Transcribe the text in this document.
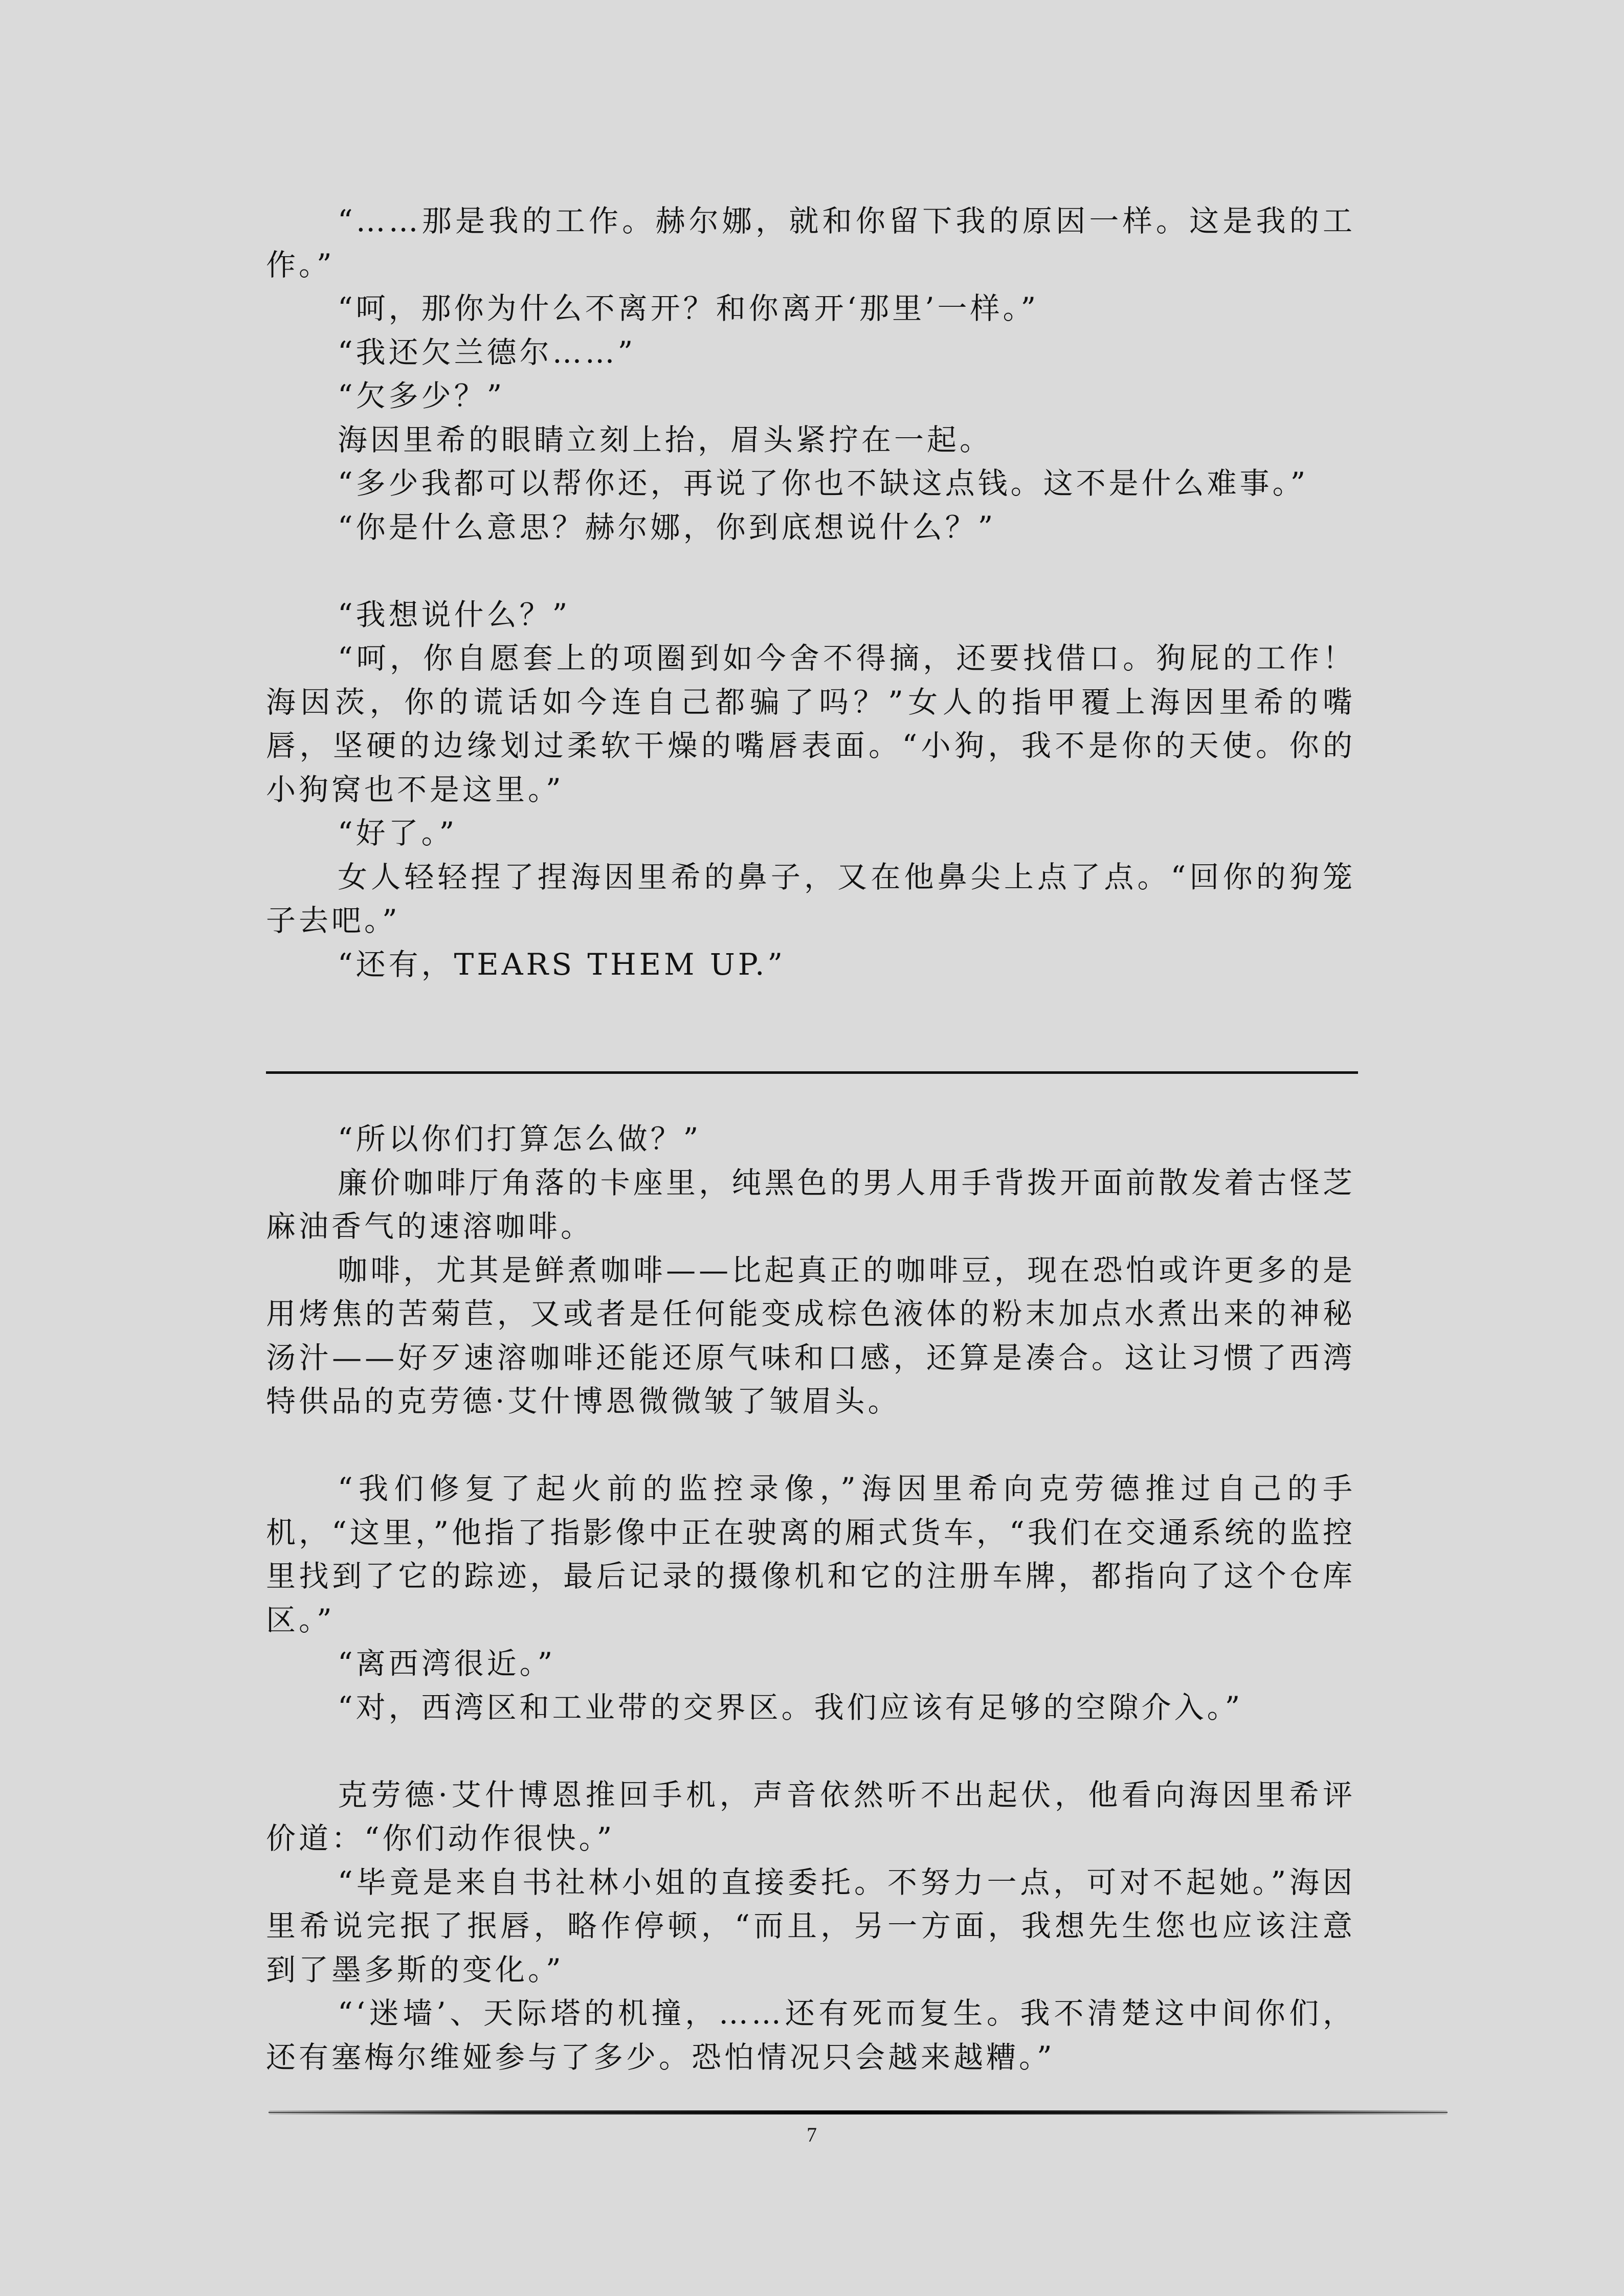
“……那是我的工作。赫尔娜，就和你留下我的原因一样。这是我的工作。”

“呵，那你为什么不离开？和你离开‘那里’一样。”

“我还欠兰德尔……”

“欠多少？”

海因里希的眼睛立刻上抬，眉头紧拧在一起。

“多少我都可以帮你还，再说了你也不缺这点钱。这不是什么难事。”

“你是什么意思？赫尔娜，你到底想说什么？”

“我想说什么？”

“呵，你自愿套上的项圈到如今舍不得摘，还要找借口。狗屁的工作！海因茨，你的谎话如今连自己都骗了吗？”女人的指甲覆上海因里希的嘴唇，坚硬的边缘划过柔软干燥的嘴唇表面。“小狗，我不是你的天使。你的小狗窝也不是这里。”

“好了。”

女人轻轻捏了捏海因里希的鼻子，又在他鼻尖上点了点。“回你的狗笼子去吧。”

“还有，TEARS THEM UP.”

“所以你们打算怎么做？”

廉价咖啡厅角落的卡座里，纯黑色的男人用手背拨开面前散发着古怪芝麻油香气的速溶咖啡。

咖啡，尤其是鲜煮咖啡——比起真正的咖啡豆，现在恐怕或许更多的是用烤焦的苦菊苣，又或者是任何能变成棕色液体的粉末加点水煮出来的神秘汤汁——好歹速溶咖啡还能还原气味和口感，还算是凑合。这让习惯了西湾特供品的克劳德·艾什博恩微微皱了皱眉头。

“我们修复了起火前的监控录像，”海因里希向克劳德推过自己的手机，“这里，”他指了指影像中正在驶离的厢式货车，“我们在交通系统的监控里找到了它的踪迹，最后记录的摄像机和它的注册车牌，都指向了这个仓库区。”

“离西湾很近。”

“对，西湾区和工业带的交界区。我们应该有足够的空隙介入。”

克劳德·艾什博恩推回手机，声音依然听不出起伏，他看向海因里希评价道：“你们动作很快。”

“毕竟是来自书社林小姐的直接委托。不努力一点，可对不起她。”海因里希说完抿了抿唇，略作停顿，“而且，另一方面，我想先生您也应该注意到了墨多斯的变化。”

“‘迷墙’、天际塔的机撞，……还有死而复生。我不清楚这中间你们，还有塞梅尔维娅参与了多少。恐怕情况只会越来越糟。”

7
